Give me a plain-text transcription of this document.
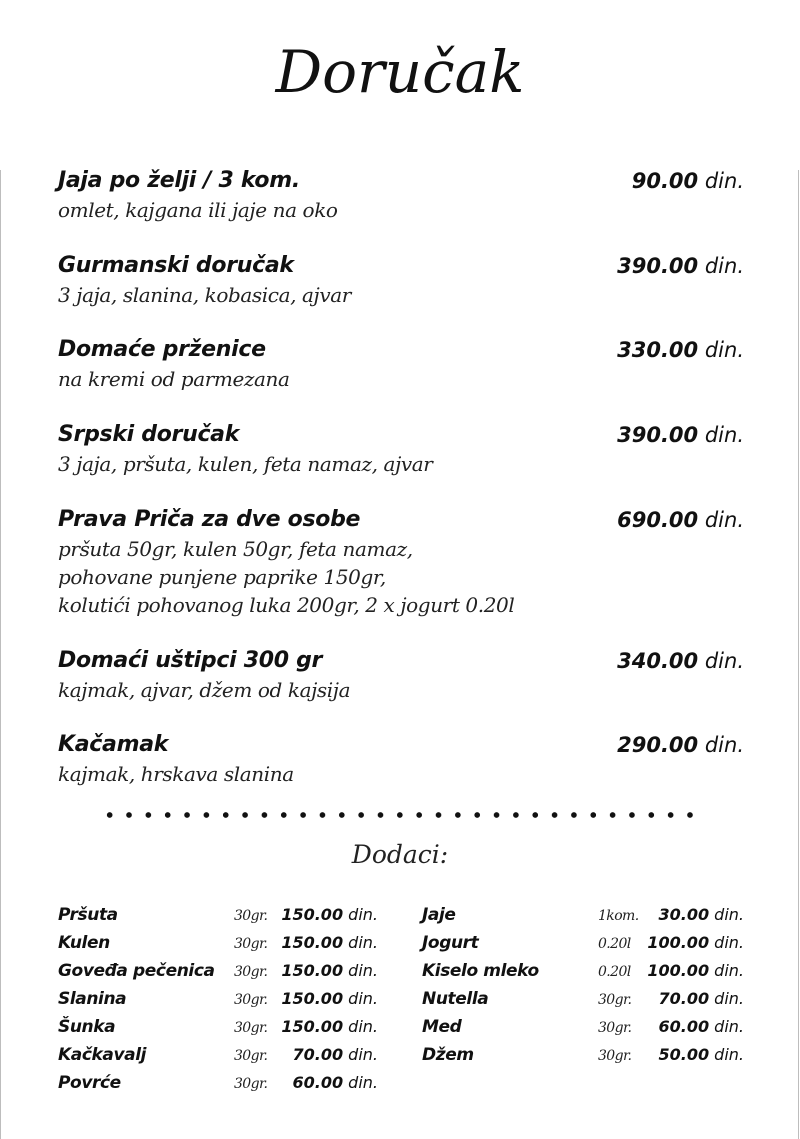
Doručak
Jaja po želji / 3 kom.	90.00 din.
omlet, kajgana ili jaje na oko
Gurmanski doručak	390.00 din.
3 jaja, slanina, kobasica, ajvar
Domaće prženice	330.00 din.
na kremi od parmezana
Srpski doručak	390.00 din.
3 jaja, pršuta, kulen, feta namaz, ajvar
Prava Priča za dve osobe	690.00 din.
pršuta 50gr, kulen 50gr, feta namaz,
pohovane punjene paprike 150gr,
kolutići pohovanog luka 200gr, 2 x jogurt 0.20l
Domaći uštipci 300 gr	340.00 din.
kajmak, ajvar, džem od kajsija
Kačamak	290.00 din.
kajmak, hrskava slanina
Dodaci:
Pršuta	30gr. 150.00 din.
Kulen	30gr. 150.00 din.
Goveđa pečenica 30gr. 150.00 din.
Slanina	30gr. 150.00 din.
Šunka	30gr. 150.00 din.
Kačkavalj	30gr. 70.00 din.
Povrće	30gr. 60.00 din.
Jaje	1kom. 30.00 din.
Jogurt	0.20l 100.00 din.
Kiselo mleko	0.20l 100.00 din.
Nutella	30gr. 70.00 din.
Med	30gr. 60.00 din.
Džem	30gr. 50.00 din.
